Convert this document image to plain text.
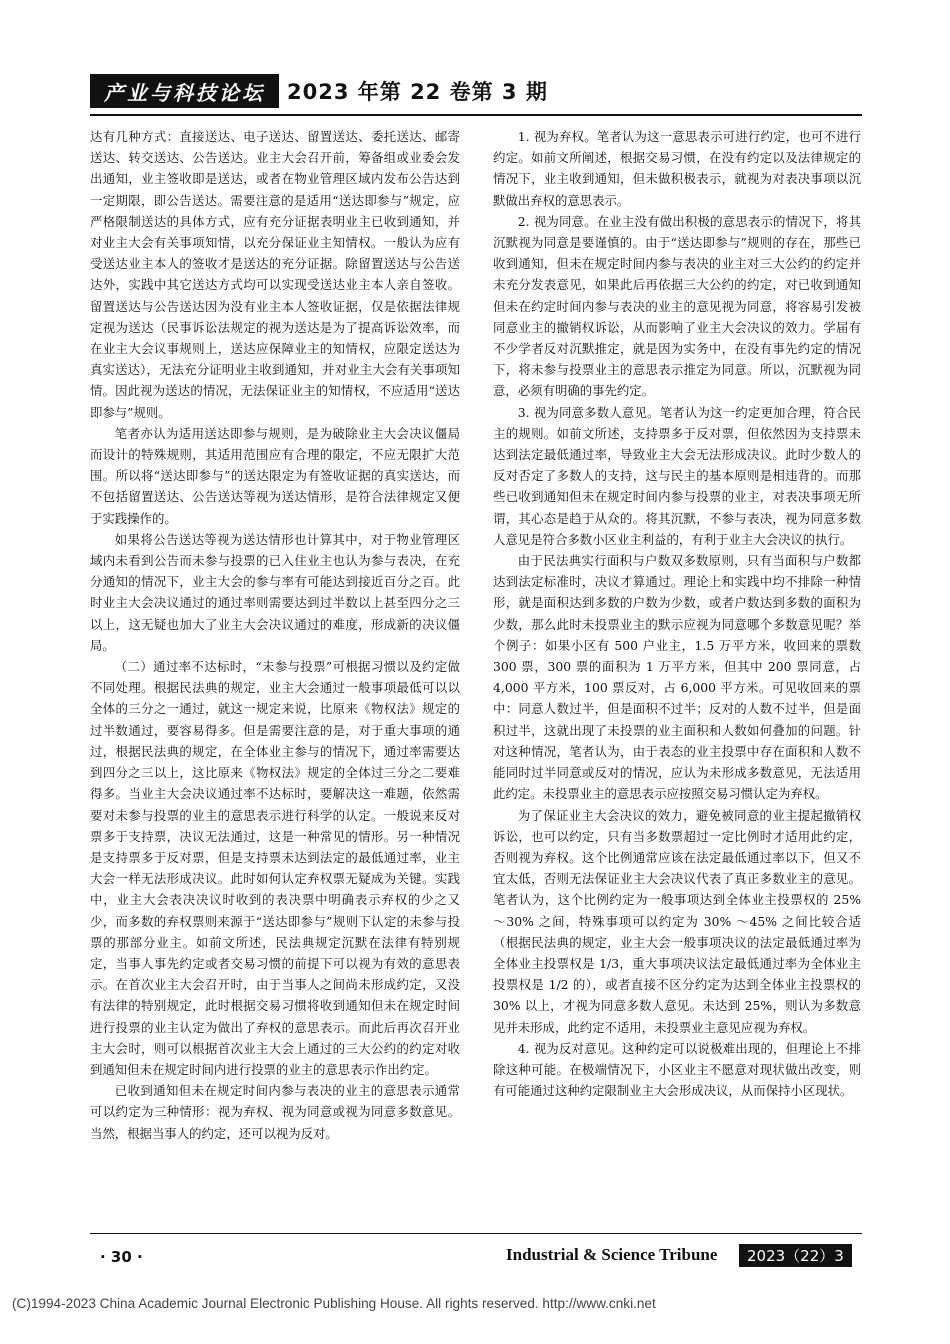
产业与科技论坛	2023 年第 22 卷第 3 期

达有几种方式：直接送达、电子送达、留置送达、委托送达、邮寄送达、转交送达、公告送达。业主大会召开前，筹备组或业委会发出通知，业主签收即是送达，或者在物业管理区域内发布公告达到一定期限，即公告送达。需要注意的是适用“送达即参与”规定，应严格限制送达的具体方式，应有充分证据表明业主已收到通知，并对业主大会有关事项知情，以充分保证业主知情权。一般认为应有受送达业主本人的签收才是送达的充分证据。除留置送达与公告送达外，实践中其它送达方式均可以实现受送达业主本人亲自签收。留置送达与公告送达因为没有业主本人签收证据，仅是依据法律规定视为送达（民事诉讼法规定的视为送达是为了提高诉讼效率，而在业主大会议事规则上，送达应保障业主的知情权，应限定送达为真实送达），无法充分证明业主收到通知，并对业主大会有关事项知情。因此视为送达的情况，无法保证业主的知情权，不应适用“送达即参与”规则。

笔者亦认为适用送达即参与规则，是为破除业主大会决议僵局而设计的特殊规则，其适用范围应有合理的限定，不应无限扩大范围。所以将“送达即参与”的送达限定为有签收证据的真实送达，而不包括留置送达、公告送达等视为送达情形，是符合法律规定又便于实践操作的。

如果将公告送达等视为送达情形也计算其中，对于物业管理区域内未看到公告而未参与投票的已入住业主也认为参与表决，在充分通知的情况下，业主大会的参与率有可能达到接近百分之百。此时业主大会决议通过的通过率则需要达到过半数以上甚至四分之三以上，这无疑也加大了业主大会决议通过的难度，形成新的决议僵局。

（二）通过率不达标时，“未参与投票”可根据习惯以及约定做不同处理。根据民法典的规定，业主大会通过一般事项最低可以以全体的三分之一通过，就这一规定来说，比原来《物权法》规定的过半数通过，要容易得多。但是需要注意的是，对于重大事项的通过，根据民法典的规定，在全体业主参与的情况下，通过率需要达到四分之三以上，这比原来《物权法》规定的全体过三分之二要难得多。当业主大会决议通过率不达标时，要解决这一难题，依然需要对未参与投票的业主的意思表示进行科学的认定。一般说来反对票多于支持票，决议无法通过，这是一种常见的情形。另一种情况是支持票多于反对票，但是支持票未达到法定的最低通过率，业主大会一样无法形成决议。此时如何认定弃权票无疑成为关键。实践中，业主大会表决决议时收到的表决票中明确表示弃权的少之又少，而多数的弃权票则来源于“送达即参与”规则下认定的未参与投票的那部分业主。如前文所述，民法典规定沉默在法律有特别规定，当事人事先约定或者交易习惯的前提下可以视为有效的意思表示。在首次业主大会召开时，由于当事人之间尚未形成约定，又没有法律的特别规定，此时根据交易习惯将收到通知但未在规定时间进行投票的业主认定为做出了弃权的意思表示。而此后再次召开业主大会时，则可以根据首次业主大会上通过的三大公约的约定对收到通知但未在规定时间内进行投票的业主的意思表示作出约定。

已收到通知但未在规定时间内参与表决的业主的意思表示通常可以约定为三种情形：视为弃权、视为同意或视为同意多数意见。当然，根据当事人的约定，还可以视为反对。

1. 视为弃权。笔者认为这一意思表示可进行约定，也可不进行约定。如前文所阐述，根据交易习惯，在没有约定以及法律规定的情况下，业主收到通知，但未做积极表示，就视为对表决事项以沉默做出弃权的意思表示。

2. 视为同意。在业主没有做出积极的意思表示的情况下，将其沉默视为同意是要谨慎的。由于“送达即参与”规则的存在，那些已收到通知，但未在规定时间内参与表决的业主对三大公约的约定并未充分发表意见，如果此后再依据三大公约的约定，对已收到通知但未在约定时间内参与表决的业主的意见视为同意，将容易引发被同意业主的撤销权诉讼，从而影响了业主大会决议的效力。学届有不少学者反对沉默推定，就是因为实务中，在没有事先约定的情况下，将未参与投票业主的意思表示推定为同意。所以，沉默视为同意，必须有明确的事先约定。

3. 视为同意多数人意见。笔者认为这一约定更加合理，符合民主的规则。如前文所述，支持票多于反对票，但依然因为支持票未达到法定最低通过率，导致业主大会无法形成决议。此时少数人的反对否定了多数人的支持，这与民主的基本原则是相违背的。而那些已收到通知但未在规定时间内参与投票的业主，对表决事项无所谓，其心态是趋于从众的。将其沉默，不参与表决，视为同意多数人意见是符合多数小区业主利益的，有利于业主大会决议的执行。

由于民法典实行面积与户数双多数原则，只有当面积与户数都达到法定标准时，决议才算通过。理论上和实践中均不排除一种情形，就是面积达到多数的户数为少数，或者户数达到多数的面积为少数，那么此时未投票业主的默示应视为同意哪个多数意见呢？举个例子：如果小区有 500 户业主，1.5 万平方米，收回来的票数 300 票，300 票的面积为 1 万平方米，但其中 200 票同意，占 4,000 平方米，100 票反对，占 6,000 平方米。可见收回来的票中：同意人数过半，但是面积不过半；反对的人数不过半，但是面积过半，这就出现了未投票的业主面积和人数如何叠加的问题。针对这种情况，笔者认为，由于表态的业主投票中存在面积和人数不能同时过半同意或反对的情况，应认为未形成多数意见，无法适用此约定。未投票业主的意思表示应按照交易习惯认定为弃权。

为了保证业主大会决议的效力，避免被同意的业主提起撤销权诉讼，也可以约定，只有当多数票超过一定比例时才适用此约定，否则视为弃权。这个比例通常应该在法定最低通过率以下，但又不宜太低，否则无法保证业主大会决议代表了真正多数业主的意见。笔者认为，这个比例约定为一般事项达到全体业主投票权的 25% ～30% 之间，特殊事项可以约定为 30% ～45% 之间比较合适（根据民法典的规定，业主大会一般事项决议的法定最低通过率为全体业主投票权是 1/3，重大事项决议法定最低通过率为全体业主投票权是 1/2 的），或者直接不区分约定为达到全体业主投票权的 30% 以上，才视为同意多数人意见。未达到 25%，则认为多数意见并未形成，此约定不适用，未投票业主意见应视为弃权。

4. 视为反对意见。这种约定可以说极难出现的，但理论上不排除这种可能。在极端情况下，小区业主不愿意对现状做出改变，则有可能通过这种约定限制业主大会形成决议，从而保持小区现状。

· 30 ·	Industrial & Science Tribune	2023（22）3
(C)1994-2023 China Academic Journal Electronic Publishing House. All rights reserved. http://www.cnki.net
